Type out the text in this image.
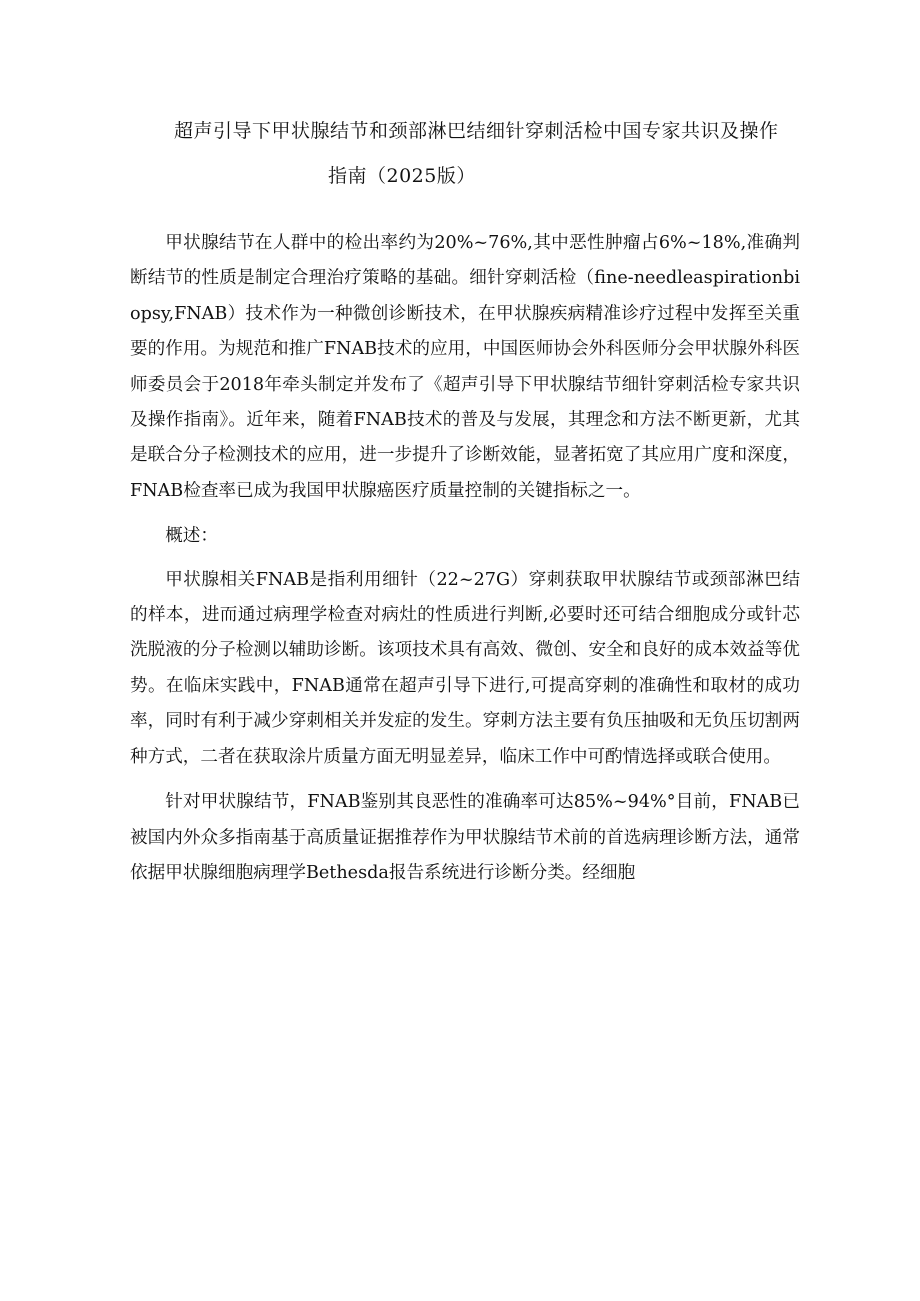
超声引导下甲状腺结节和颈部淋巴结细针穿刺活检中国专家共识及操作
指南（2025版）

甲状腺结节在人群中的检出率约为20%~76%,其中恶性肿瘤占6%~18%,准确判断结节的性质是制定合理治疗策略的基础。细针穿刺活检（fine-needleaspirationbiopsy,FNAB）技术作为一种微创诊断技术，在甲状腺疾病精准诊疗过程中发挥至关重要的作用。为规范和推广FNAB技术的应用，中国医师协会外科医师分会甲状腺外科医师委员会于2018年牵头制定并发布了《超声引导下甲状腺结节细针穿刺活检专家共识及操作指南》。近年来，随着FNAB技术的普及与发展，其理念和方法不断更新，尤其是联合分子检测技术的应用，进一步提升了诊断效能，显著拓宽了其应用广度和深度，FNAB检查率已成为我国甲状腺癌医疗质量控制的关键指标之一。

概述：

甲状腺相关FNAB是指利用细针（22~27G）穿刺获取甲状腺结节或颈部淋巴结的样本，进而通过病理学检查对病灶的性质进行判断,必要时还可结合细胞成分或针芯洗脱液的分子检测以辅助诊断。该项技术具有高效、微创、安全和良好的成本效益等优势。在临床实践中，FNAB通常在超声引导下进行,可提高穿刺的准确性和取材的成功率，同时有利于减少穿刺相关并发症的发生。穿刺方法主要有负压抽吸和无负压切割两种方式，二者在获取涂片质量方面无明显差异，临床工作中可酌情选择或联合使用。

针对甲状腺结节，FNAB鉴别其良恶性的准确率可达85%~94%°目前，FNAB已被国内外众多指南基于高质量证据推荐作为甲状腺结节术前的首选病理诊断方法，通常依据甲状腺细胞病理学Bethesda报告系统进行诊断分类。经细胞
